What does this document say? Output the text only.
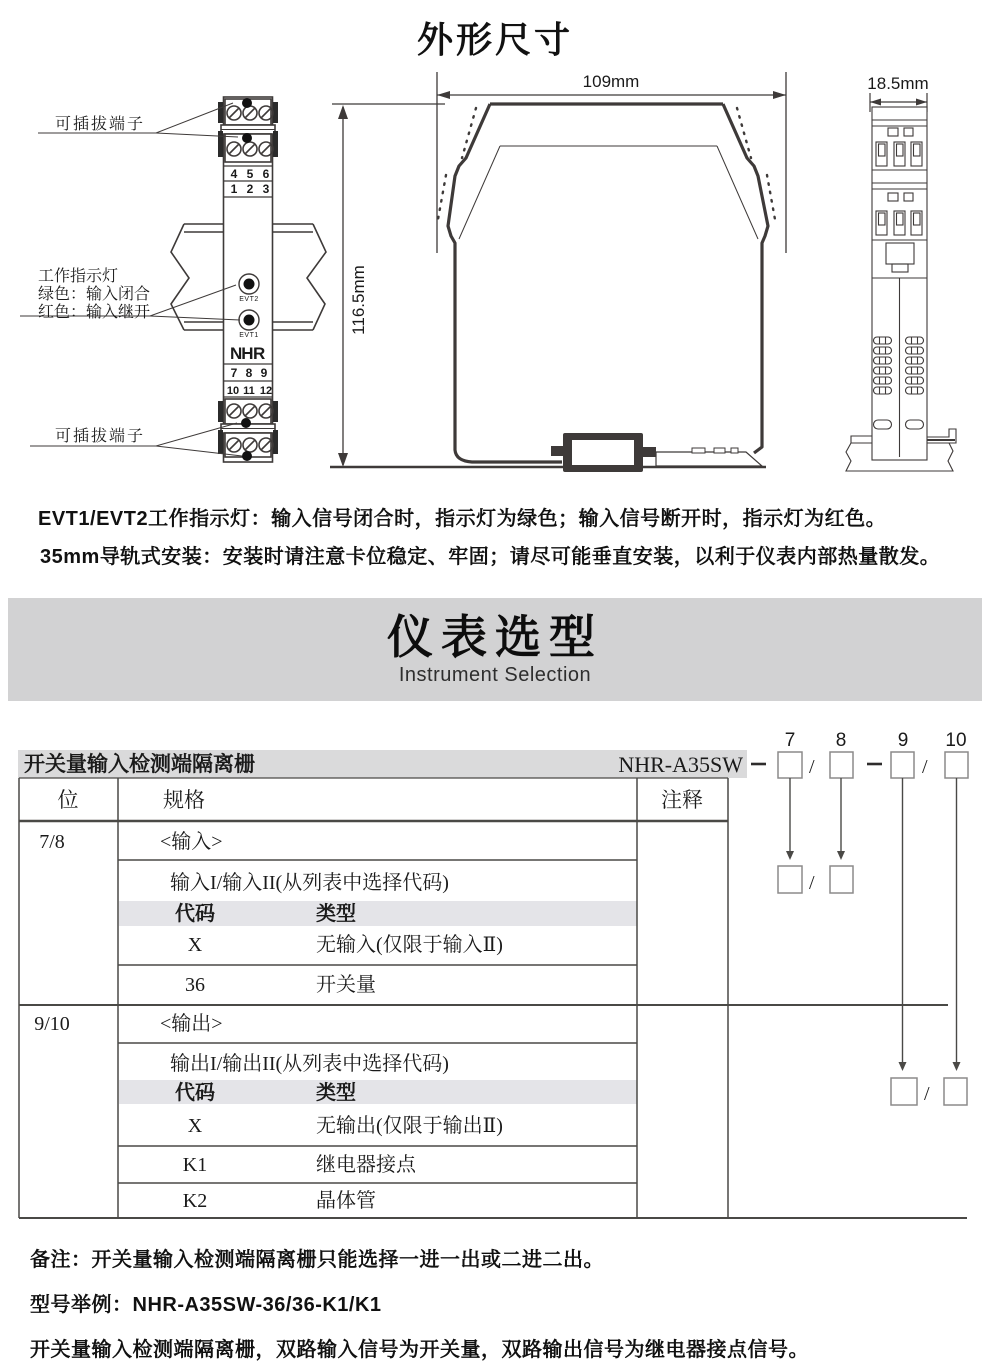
外形尺寸
109mm
116.5mm
18.5mm
可插拔端子
工作指示灯
绿色：输入闭合
红色：输入继开
可插拔端子
EVT2
EVT1
NH R
4 5 6
1 2 3
7 8 9
10 11 12
EVT1/EVT2工作指示灯：输入信号闭合时，指示灯为绿色；输入信号断开时，指示灯为红色。
35mm导轨式安装：安装时请注意卡位稳定、牢固；请尽可能垂直安装，以利于仪表内部热量散发。
仪表选型
Instrument Selection
7 8	9 10
/	/
/
/
开关量输入检测端隔离栅	NHR-A35SW
位	规格	注释
7/8	<输入>
输入I/输入II(从列表中选择代码)
代码	类型
X	无输入(仅限于输入Ⅱ)
36	开关量
9/10	<输出>
输出I/输出II(从列表中选择代码)
代码	类型
X	无输出(仅限于输出Ⅱ)
K1	继电器接点
K2	晶体管
备注：开关量输入检测端隔离栅只能选择一进一出或二进二出。
型号举例：NHR-A35SW-36/36-K1/K1
开关量输入检测端隔离栅，双路输入信号为开关量，双路输出信号为继电器接点信号。
